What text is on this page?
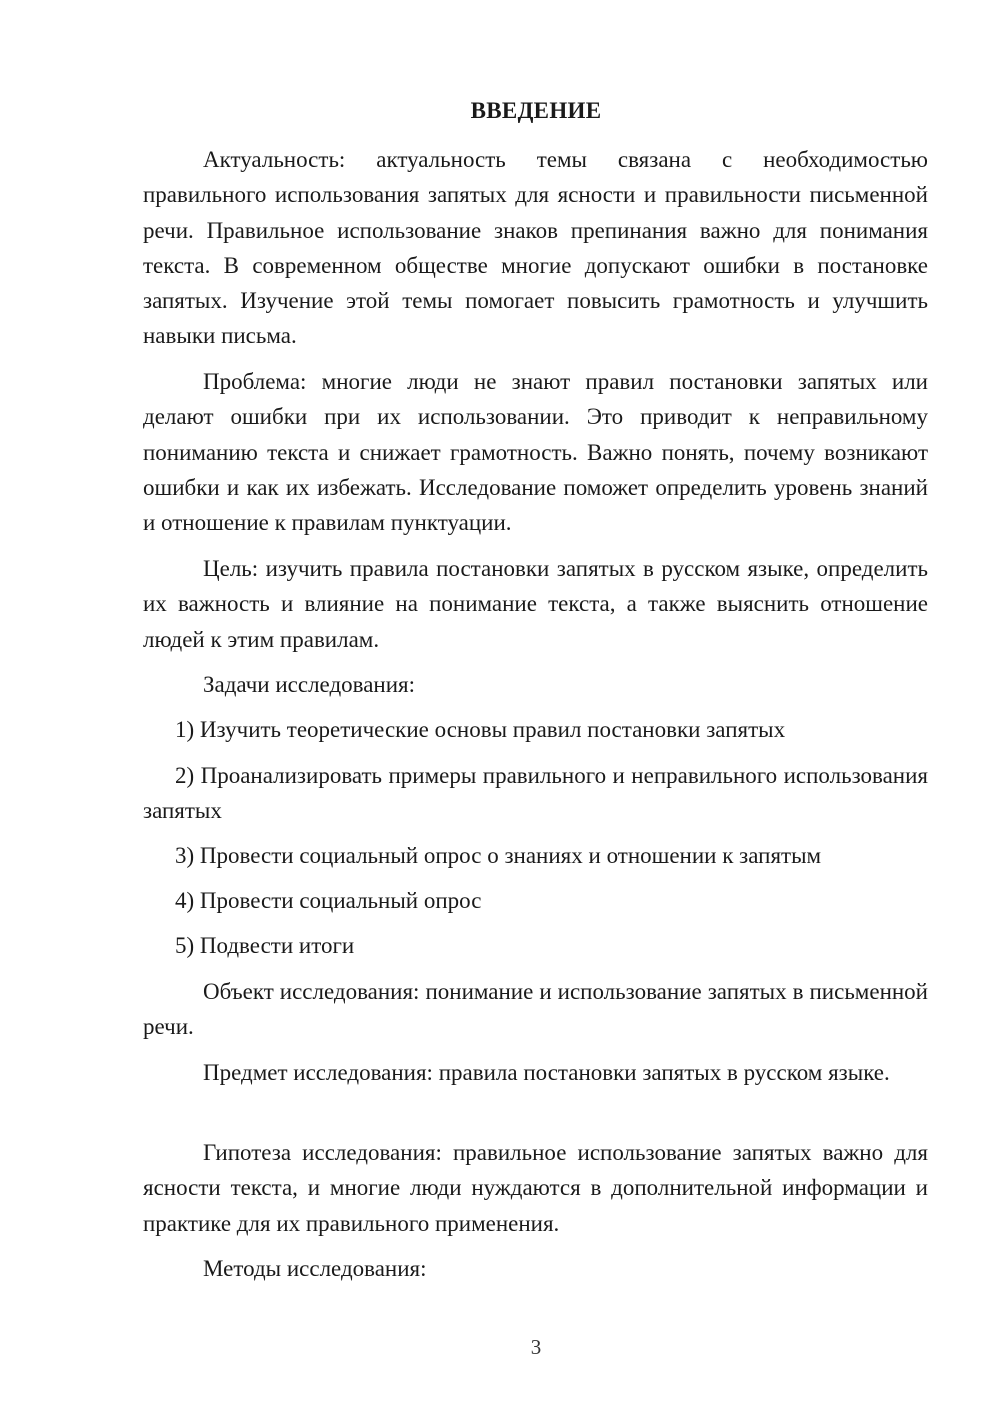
ВВЕДЕНИЕ

Актуальность: актуальность темы связана с необходимостью правильного использования запятых для ясности и правильности письменной речи. Правильное использование знаков препинания важно для понимания текста. В современном обществе многие допускают ошибки в постановке запятых. Изучение этой темы помогает повысить грамотность и улучшить навыки письма.

Проблема: многие люди не знают правил постановки запятых или делают ошибки при их использовании. Это приводит к неправильному пониманию текста и снижает грамотность. Важно понять, почему возникают ошибки и как их избежать. Исследование поможет определить уровень знаний и отношение к правилам пунктуации.

Цель: изучить правила постановки запятых в русском языке, определить их важность и влияние на понимание текста, а также выяснить отношение людей к этим правилам.

Задачи исследования:

1) Изучить теоретические основы правил постановки запятых

2) Проанализировать примеры правильного и неправильного использования запятых

3) Провести социальный опрос о знаниях и отношении к запятым

4) Провести социальный опрос

5) Подвести итоги

Объект исследования: понимание и использование запятых в письменной речи.

Предмет исследования: правила постановки запятых в русском языке.

Гипотеза исследования: правильное использование запятых важно для ясности текста, и многие люди нуждаются в дополнительной информации и практике для их правильного применения.

Методы исследования:

3
